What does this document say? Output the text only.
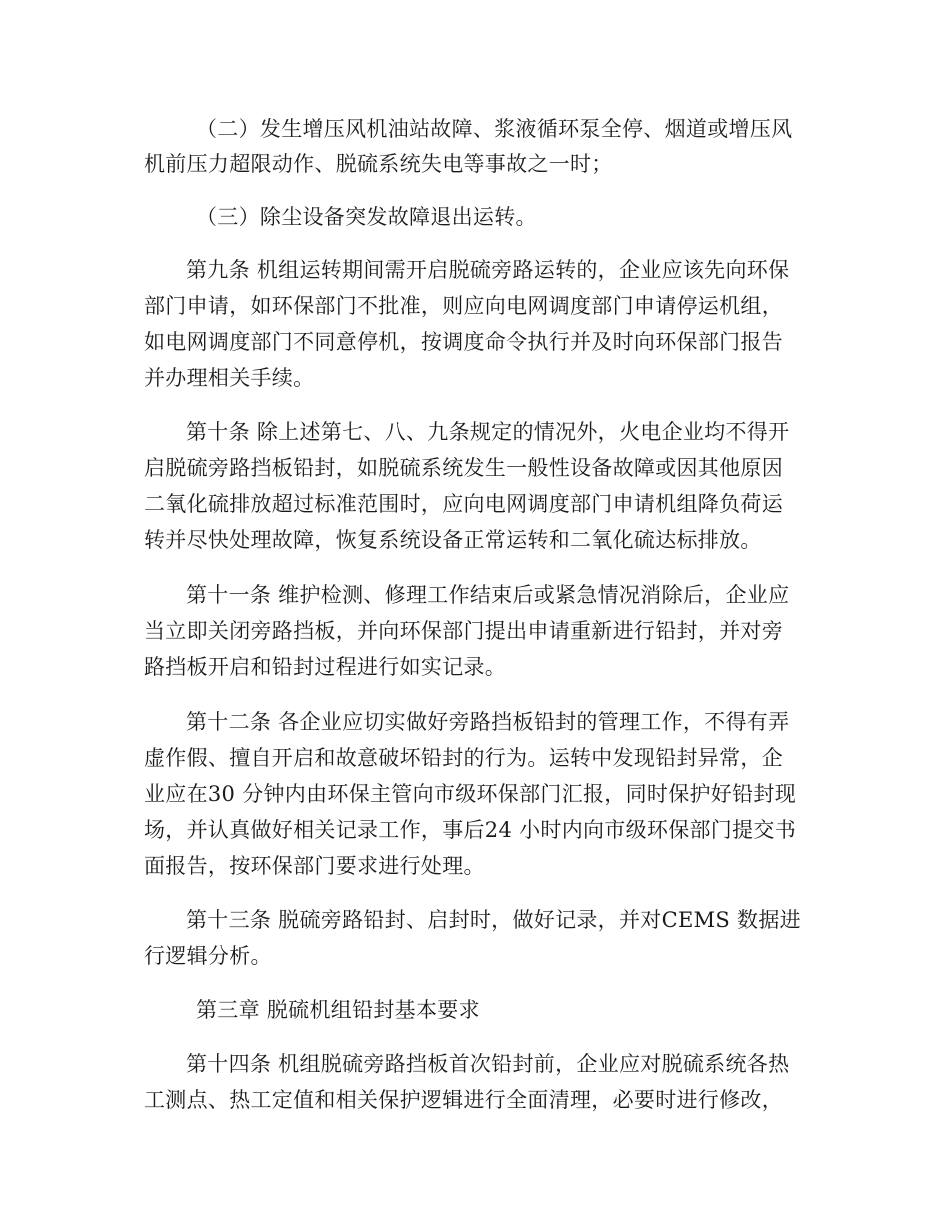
（二）发生增压风机油站故障、浆液循环泵全停、烟道或增压风
机前压力超限动作、脱硫系统失电等事故之一时；
（三）除尘设备突发故障退出运转。
第九条 机组运转期间需开启脱硫旁路运转的，企业应该先向环保
部门申请，如环保部门不批准，则应向电网调度部门申请停运机组，
如电网调度部门不同意停机，按调度命令执行并及时向环保部门报告
并办理相关手续。
第十条 除上述第七、八、九条规定的情况外，火电企业均不得开
启脱硫旁路挡板铅封，如脱硫系统发生一般性设备故障或因其他原因
二氧化硫排放超过标准范围时，应向电网调度部门申请机组降负荷运
转并尽快处理故障，恢复系统设备正常运转和二氧化硫达标排放。
第十一条 维护检测、修理工作结束后或紧急情况消除后，企业应
当立即关闭旁路挡板，并向环保部门提出申请重新进行铅封，并对旁
路挡板开启和铅封过程进行如实记录。
第十二条 各企业应切实做好旁路挡板铅封的管理工作，不得有弄
虚作假、擅自开启和故意破坏铅封的行为。运转中发现铅封异常，企
业应在30 分钟内由环保主管向市级环保部门汇报，同时保护好铅封现
场，并认真做好相关记录工作，事后24 小时内向市级环保部门提交书
面报告，按环保部门要求进行处理。
第十三条 脱硫旁路铅封、启封时，做好记录，并对CEMS 数据进
行逻辑分析。
第三章 脱硫机组铅封基本要求
第十四条 机组脱硫旁路挡板首次铅封前，企业应对脱硫系统各热
工测点、热工定值和相关保护逻辑进行全面清理，必要时进行修改，
